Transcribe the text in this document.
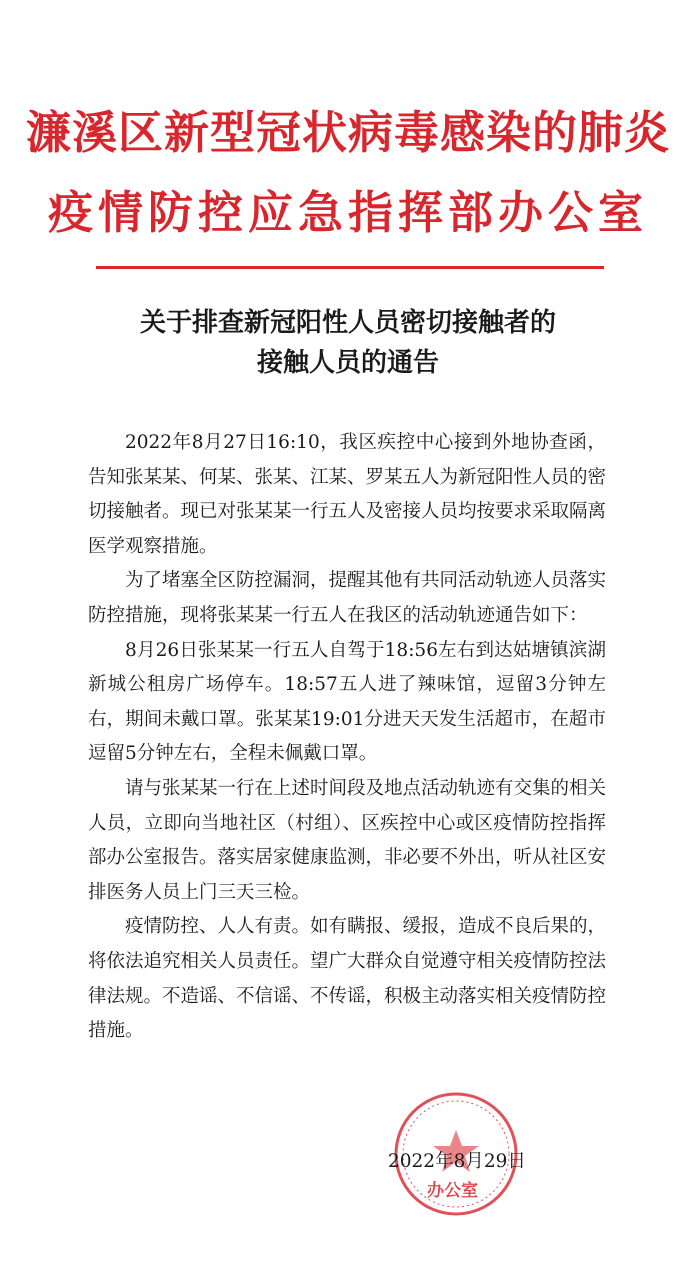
濂溪区新型冠状病毒感染的肺炎
疫情防控应急指挥部办公室
关于排查新冠阳性人员密切接触者的
接触人员的通告

2022年8月27日16:10，我区疾控中心接到外地协查函，告知张某某、何某、张某、江某、罗某五人为新冠阳性人员的密切接触者。现已对张某某一行五人及密接人员均按要求采取隔离医学观察措施。

为了堵塞全区防控漏洞，提醒其他有共同活动轨迹人员落实防控措施，现将张某某一行五人在我区的活动轨迹通告如下：

8月26日张某某一行五人自驾于18:56左右到达姑塘镇滨湖新城公租房广场停车。18:57五人进了辣味馆，逗留3分钟左右，期间未戴口罩。张某某19:01分进天天发生活超市，在超市逗留5分钟左右，全程未佩戴口罩。

请与张某某一行在上述时间段及地点活动轨迹有交集的相关人员，立即向当地社区（村组）、区疾控中心或区疫情防控指挥部办公室报告。落实居家健康监测，非必要不外出，听从社区安排医务人员上门三天三检。

疫情防控、人人有责。如有瞒报、缓报，造成不良后果的，将依法追究相关人员责任。望广大群众自觉遵守相关疫情防控法律法规。不造谣、不信谣、不传谣，积极主动落实相关疫情防控措施。

2022年8月29日
办公室
